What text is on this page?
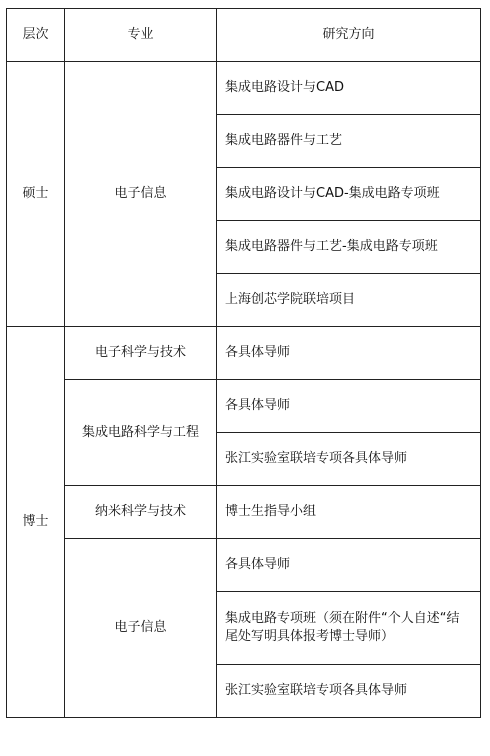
层次	专业	研究方向
硕士	电子信息	集成电路设计与CAD
		集成电路器件与工艺
		集成电路设计与CAD-集成电路专项班
		集成电路器件与工艺-集成电路专项班
		上海创芯学院联培项目
博士	电子科学与技术	各具体导师
	集成电路科学与工程	各具体导师
		张江实验室联培专项各具体导师
	纳米科学与技术	博士生指导小组
	电子信息	各具体导师
		集成电路专项班（须在附件“个人自述“结尾处写明具体报考博士导师）
		张江实验室联培专项各具体导师
